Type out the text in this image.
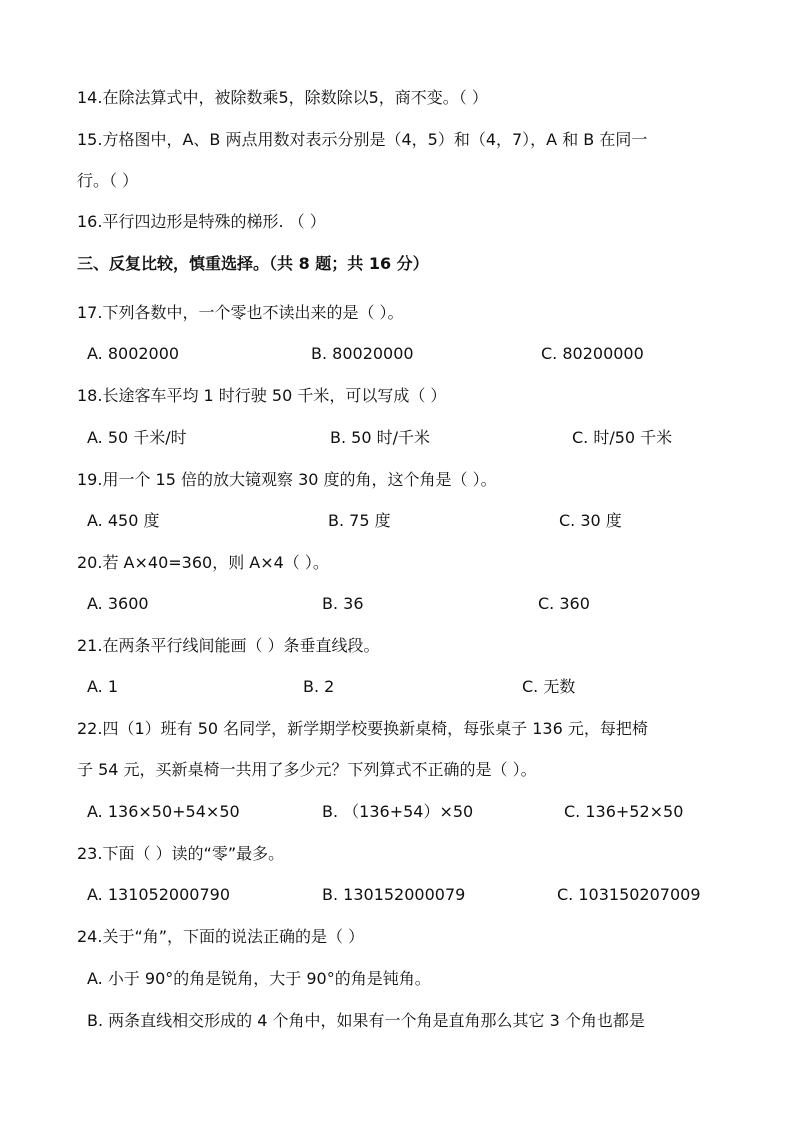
14.在除法算式中，被除数乘5，除数除以5，商不变。（ ）
15.方格图中，A、B 两点用数对表示分别是（4，5）和（4，7），A 和 B 在同一
行。（ ）
16.平行四边形是特殊的梯形. （ ）
三、反复比较，慎重选择。（共 8 题；共 16 分）
17.下列各数中，一个零也不读出来的是（ ）。
A. 8002000	B. 80020000	C. 80200000
18.长途客车平均 1 时行驶 50 千米，可以写成（ ）
A. 50 千米/时	B. 50 时/千米	C. 时/50 千米
19.用一个 15 倍的放大镜观察 30 度的角，这个角是（ ）。
A. 450 度	B. 75 度	C. 30 度
20.若 A×40=360，则 A×4（ ）。
A. 3600	B. 36	C. 360
21.在两条平行线间能画（ ）条垂直线段。
A. 1	B. 2	C. 无数
22.四（1）班有 50 名同学，新学期学校要换新桌椅，每张桌子 136 元，每把椅
子 54 元，买新桌椅一共用了多少元？下列算式不正确的是（ ）。
A. 136×50+54×50	B. （136+54）×50	C. 136+52×50
23.下面（ ）读的“零”最多。
A. 131052000790	B. 130152000079	C. 103150207009
24.关于“角”，下面的说法正确的是（ ）
A. 小于 90°的角是锐角，大于 90°的角是钝角。
B. 两条直线相交形成的 4 个角中，如果有一个角是直角那么其它 3 个角也都是
